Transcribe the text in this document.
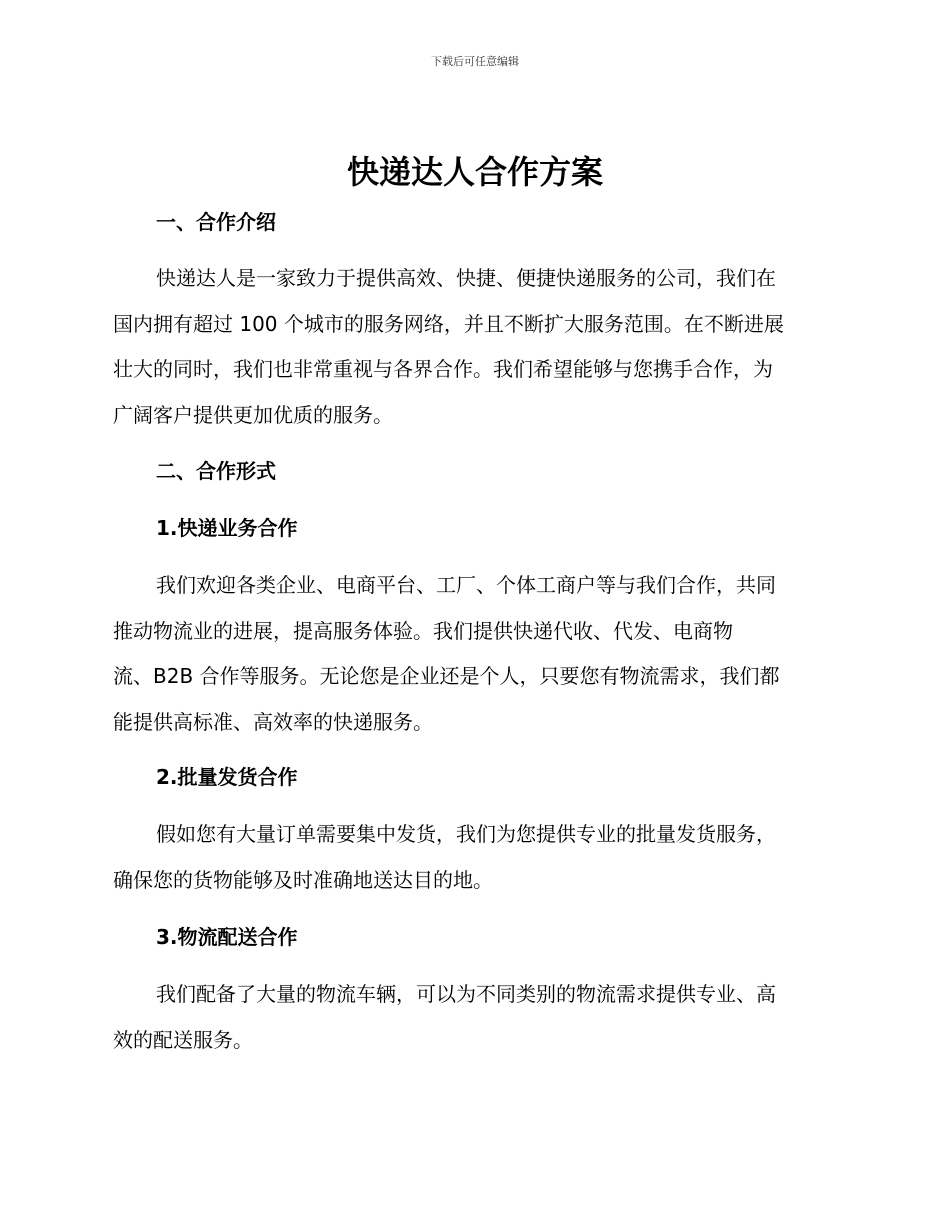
下载后可任意编辑
快递达人合作方案
一、合作介绍

快递达人是一家致力于提供高效、快捷、便捷快递服务的公司，我们在
国内拥有超过 100 个城市的服务网络，并且不断扩大服务范围。在不断进展
壮大的同时，我们也非常重视与各界合作。我们希望能够与您携手合作，为
广阔客户提供更加优质的服务。

二、合作形式
1.快递业务合作

我们欢迎各类企业、电商平台、工厂、个体工商户等与我们合作，共同
推动物流业的进展，提高服务体验。我们提供快递代收、代发、电商物
流、B2B 合作等服务。无论您是企业还是个人，只要您有物流需求，我们都
能提供高标准、高效率的快递服务。

2.批量发货合作

假如您有大量订单需要集中发货，我们为您提供专业的批量发货服务，
确保您的货物能够及时准确地送达目的地。

3.物流配送合作

我们配备了大量的物流车辆，可以为不同类别的物流需求提供专业、高
效的配送服务。
